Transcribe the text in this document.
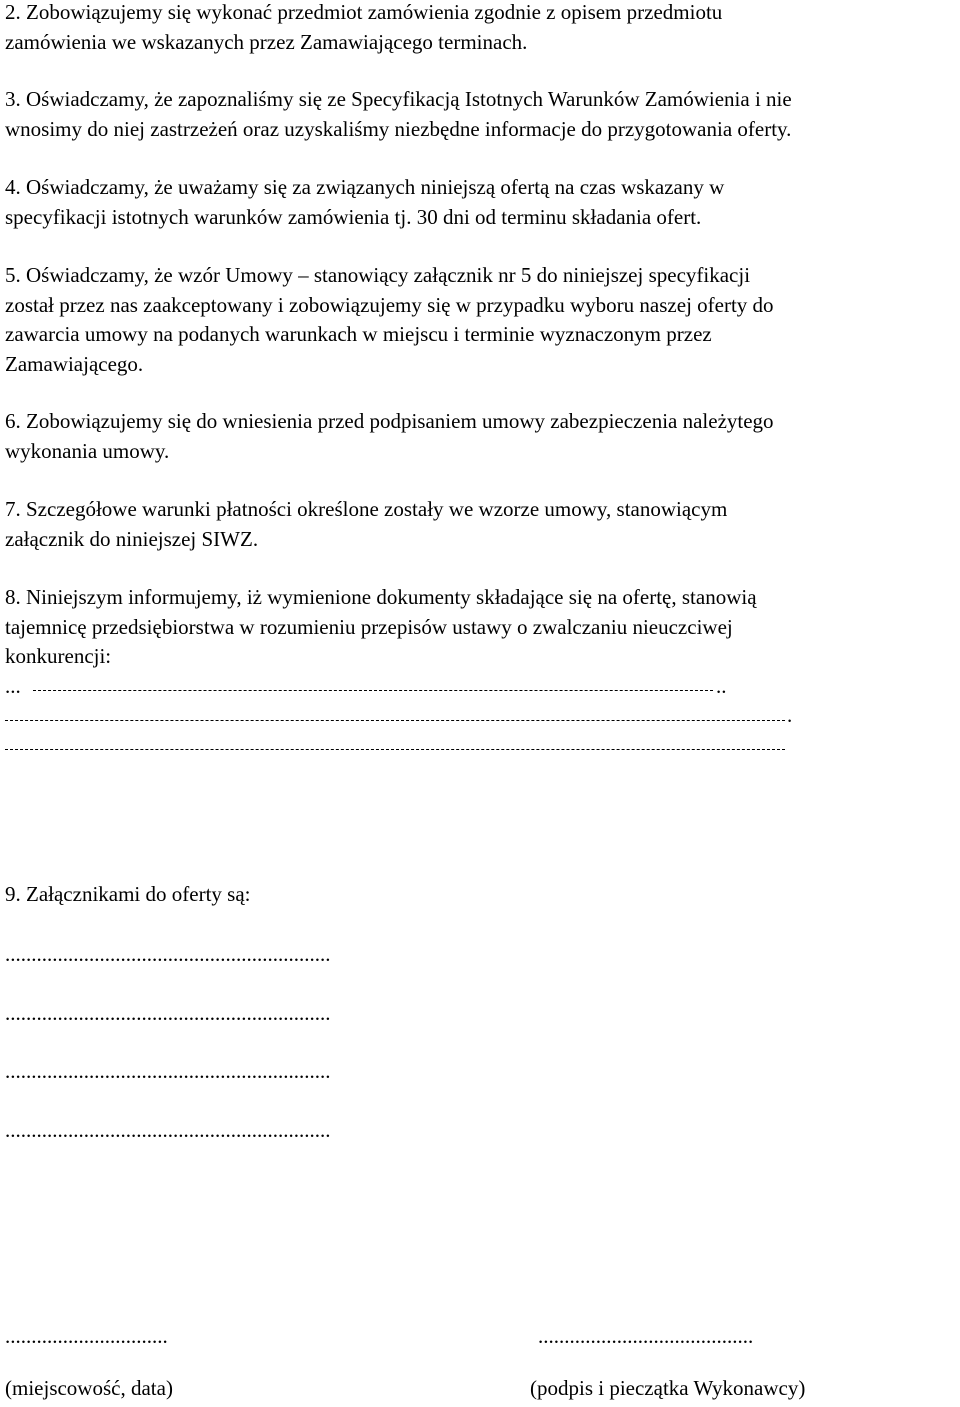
2. Zobowiązujemy się wykonać przedmiot zamówienia zgodnie z opisem przedmiotu
zamówienia we wskazanych przez Zamawiającego terminach.
3. Oświadczamy, że zapoznaliśmy się ze Specyfikacją Istotnych Warunków Zamówienia i nie
wnosimy do niej zastrzeżeń oraz uzyskaliśmy niezbędne informacje do przygotowania oferty.
4. Oświadczamy, że uważamy się za związanych niniejszą ofertą na czas wskazany w
specyfikacji istotnych warunków zamówienia tj. 30 dni od terminu składania ofert.
5. Oświadczamy, że wzór Umowy – stanowiący załącznik nr 5 do niniejszej specyfikacji
został przez nas zaakceptowany i zobowiązujemy się w przypadku wyboru naszej oferty do
zawarcia umowy na podanych warunkach w miejscu i terminie wyznaczonym przez
Zamawiającego.
6. Zobowiązujemy się do wniesienia przed podpisaniem umowy zabezpieczenia należytego
wykonania umowy.
7. Szczegółowe warunki płatności określone zostały we wzorze umowy, stanowiącym
załącznik do niniejszej SIWZ.
8. Niniejszym informujemy, iż wymienione dokumenty składające się na ofertę, stanowią
tajemnicę przedsiębiorstwa w rozumieniu przepisów ustawy o zwalczaniu nieuczciwej
konkurencji:
...	..
.
9. Załącznikami do oferty są:
..............................................................
..............................................................
..............................................................
..............................................................
...............................	.........................................
(miejscowość, data)	(podpis i pieczątka Wykonawcy)
